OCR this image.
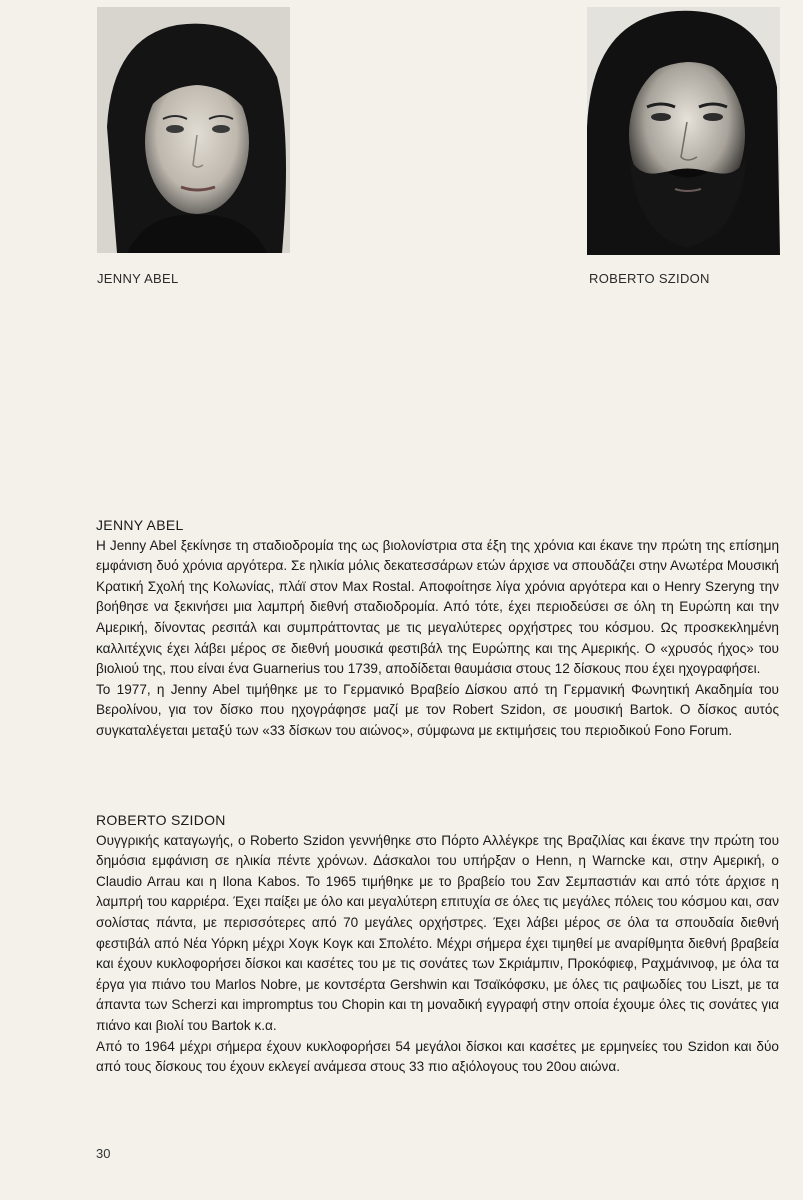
JENNY ABEL	ROBERTO SZIDON
JENNY ABEL

Η Jenny Abel ξεκίνησε τη σταδιοδρομία της ως βιολονίστρια στα έξη της χρόνια και έκανε την πρώτη της επίσημη εμφάνιση δυό χρόνια αργότερα. Σε ηλικία μόλις δεκατεσσάρων ετών άρχισε να σπουδάζει στην Ανωτέρα Μουσική Κρατική Σχολή της Κολωνίας, πλάϊ στον Max Rostal. Αποφοίτησε λίγα χρόνια αργότερα και ο Henry Szeryng την βοήθησε να ξεκινήσει μια λαμπρή διεθνή σταδιοδρομία. Από τότε, έχει περιοδεύσει σε όλη τη Ευρώπη και την Αμερική, δίνοντας ρεσιτάλ και συμπράττοντας με τις μεγαλύτερες ορχήστρες του κόσμου. Ως προσκεκλημένη καλλιτέχνις έχει λάβει μέρος σε διεθνή μουσικά φεστιβάλ της Ευρώπης και της Αμερικής. Ο «χρυσός ήχος» του βιολιού της, που είναι ένα Guarnerius του 1739, αποδίδεται θαυμάσια στους 12 δίσκους που έχει ηχογραφήσει.

Το 1977, η Jenny Abel τιμήθηκε με το Γερμανικό Βραβείο Δίσκου από τη Γερμανική Φωνητική Ακαδημία του Βερολίνου, για τον δίσκο που ηχογράφησε μαζί με τον Robert Szidon, σε μουσική Bartok. Ο δίσκος αυτός συγκαταλέγεται μεταξύ των «33 δίσκων του αιώνος», σύμφωνα με εκτιμήσεις του περιοδικού Fono Forum.

ROBERTO SZIDON

Ουγγρικής καταγωγής, ο Roberto Szidon γεννήθηκε στο Πόρτο Αλλέγκρε της Βραζιλίας και έκανε την πρώτη του δημόσια εμφάνιση σε ηλικία πέντε χρόνων. Δάσκαλοι του υπήρξαν ο Henn, η Warncke και, στην Αμερική, ο Claudio Arrau και η Ilona Kabos. Το 1965 τιμήθηκε με το βραβείο του Σαν Σεμπαστιάν και από τότε άρχισε η λαμπρή του καρριέρα. Έχει παίξει με όλο και μεγαλύτερη επιτυχία σε όλες τις μεγάλες πόλεις του κόσμου και, σαν σολίστας πάντα, με περισσότερες από 70 μεγάλες ορχήστρες. Έχει λάβει μέρος σε όλα τα σπουδαία διεθνή φεστιβάλ από Νέα Υόρκη μέχρι Χογκ Κογκ και Σπολέτο. Μέχρι σήμερα έχει τιμηθεί με αναρίθμητα διεθνή βραβεία και έχουν κυκλοφορήσει δίσκοι και κασέτες του με τις σονάτες των Σκριάμπιν, Προκόφιεφ, Ραχμάνινοφ, με όλα τα έργα για πιάνο του Marlos Nobre, με κοντσέρτα Gershwin και Τσαϊκόφσκυ, με όλες τις ραψωδίες του Liszt, με τα άπαντα των Scherzi και impromptus του Chopin και τη μοναδική εγγραφή στην οποία έχουμε όλες τις σονάτες για πιάνο και βιολί του Bartok κ.α.

Από το 1964 μέχρι σήμερα έχουν κυκλοφορήσει 54 μεγάλοι δίσκοι και κασέτες με ερμηνείες του Szidon και δύο από τους δίσκους του έχουν εκλεγεί ανάμεσα στους 33 πιο αξιόλογους του 20ου αιώνα.

30
